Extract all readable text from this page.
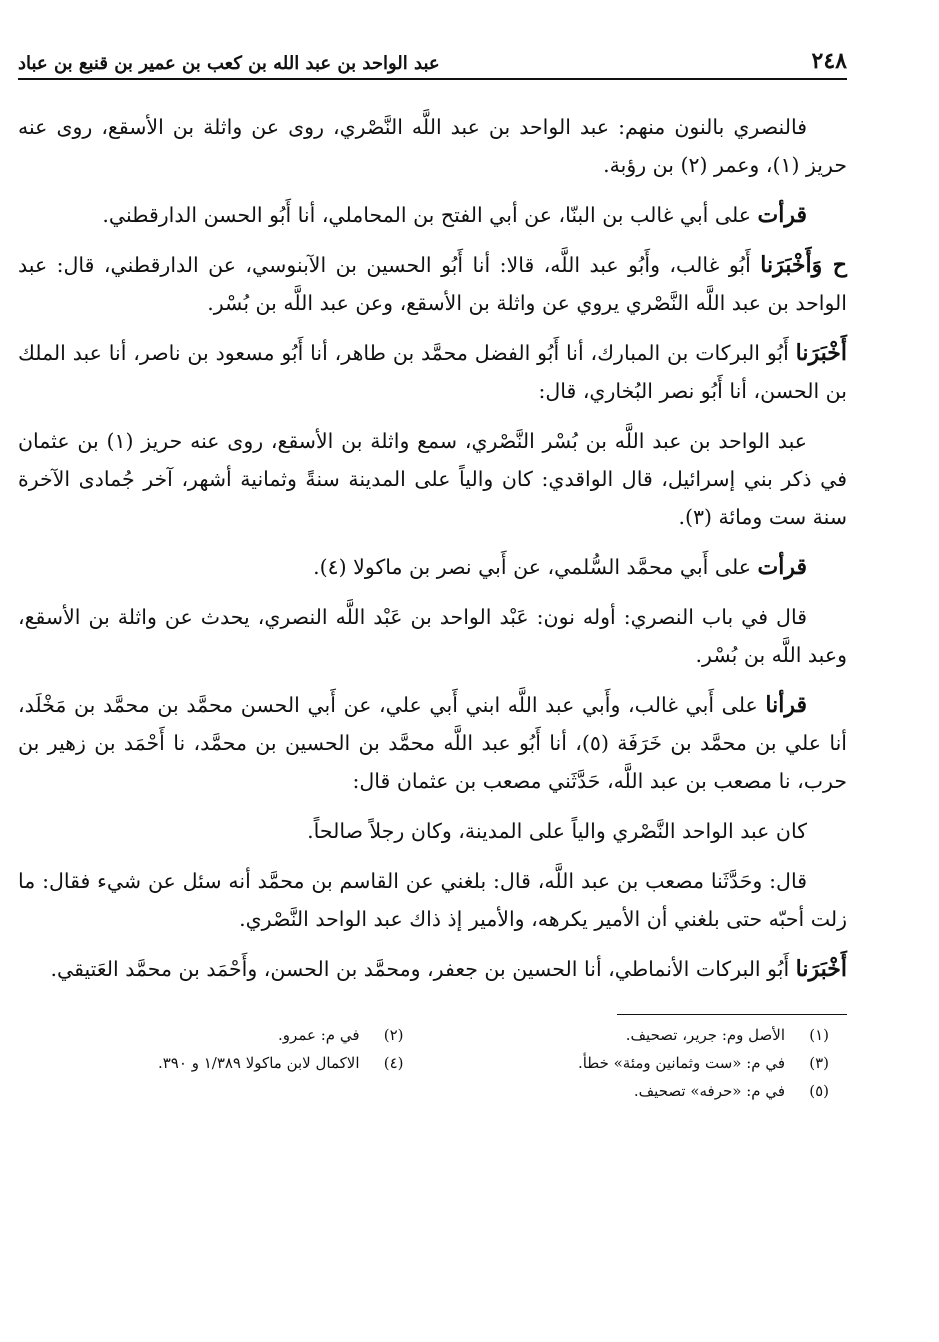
٢٤٨
عبد الواحد بن عبد الله بن كعب بن عمير بن قنبع بن عباد

فالنصري بالنون منهم: عبد الواحد بن عبد اللَّه النَّصْري، روى عن واثلة بن الأسقع، روى عنه حريز (١)، وعمر (٢) بن رؤبة.

قرأت على أبي غالب بن البنّا، عن أبي الفتح بن المحاملي، أنا أَبُو الحسن الدارقطني.

ح وَأَخْبَرَنا أَبُو غالب، وأَبُو عبد اللَّه، قالا: أنا أَبُو الحسين بن الآبنوسي، عن الدارقطني، قال: عبد الواحد بن عبد اللَّه النَّصْري يروي عن واثلة بن الأسقع، وعن عبد اللَّه بن بُسْر.

أَخْبَرَنا أَبُو البركات بن المبارك، أنا أَبُو الفضل محمَّد بن طاهر، أنا أَبُو مسعود بن ناصر، أنا عبد الملك بن الحسن، أنا أَبُو نصر البُخاري، قال:

عبد الواحد بن عبد اللَّه بن بُسْر النَّصْري، سمع واثلة بن الأسقع، روى عنه حريز (١) بن عثمان في ذكر بني إسرائيل، قال الواقدي: كان والياً على المدينة سنةً وثمانية أشهر، آخر جُمادى الآخرة سنة ست ومائة (٣).

قرأت على أَبي محمَّد السُّلمي، عن أَبي نصر بن ماكولا (٤).

قال في باب النصري: أوله نون: عَبْد الواحد بن عَبْد اللَّه النصري، يحدث عن واثلة بن الأسقع، وعبد اللَّه بن بُسْر.

قرأنا على أَبي غالب، وأَبي عبد اللَّه ابني أَبي علي، عن أَبي الحسن محمَّد بن محمَّد بن مَخْلَد، أنا علي بن محمَّد بن خَرَفَة (٥)، أنا أَبُو عبد اللَّه محمَّد بن الحسين بن محمَّد، نا أَحْمَد بن زهير بن حرب، نا مصعب بن عبد اللَّه، حَدَّثَني مصعب بن عثمان قال:

كان عبد الواحد النَّصْري والياً على المدينة، وكان رجلاً صالحاً.

قال: وحَدَّثَنا مصعب بن عبد اللَّه، قال: بلغني عن القاسم بن محمَّد أنه سئل عن شيء فقال: ما زلت أحبّه حتى بلغني أن الأمير يكرهه، والأمير إذ ذاك عبد الواحد النَّصْري.

أَخْبَرَنا أَبُو البركات الأنماطي، أنا الحسين بن جعفر، ومحمَّد بن الحسن، وأَحْمَد بن محمَّد العَتيقي.

(١)
الأصل وم: جرير، تصحيف.
(٣)
في م: «ست وثمانين ومئة» خطأ.
(٥)
في م: «حرفه» تصحيف.
(٢)
في م: عمرو.
(٤)
الاكمال لابن ماكولا ١/٣٨٩ و ٣٩٠.
